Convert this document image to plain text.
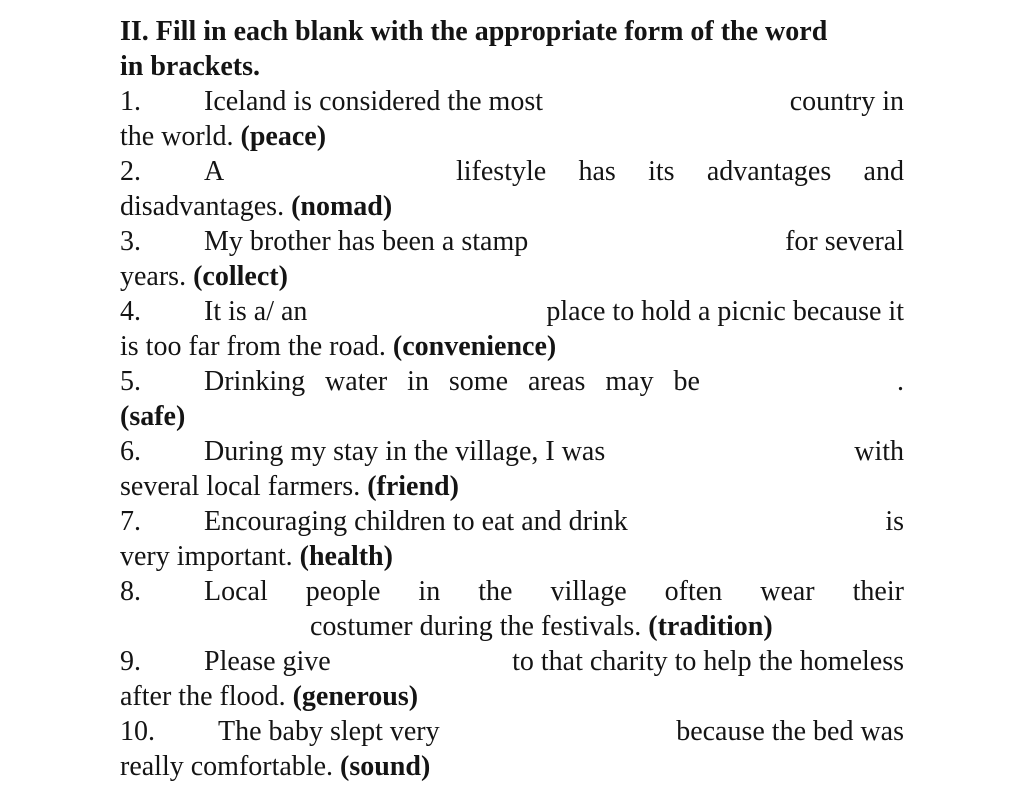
II. Fill in each blank with the appropriate form of the word
in brackets.
1. Iceland is considered the most	country in
the world. (peace)
2. A	lifestyle has its advantages and
disadvantages. (nomad)
3. My brother has been a stamp	for several
years. (collect)
4. It is a/ an	place to hold a picnic because it
is too far from the road. (convenience)
5. Drinking water in some areas may be	.
(safe)
6. During my stay in the village, I was	with
several local farmers. (friend)
7. Encouraging children to eat and drink	is
very important. (health)
8. Local people in the village often wear their
costumer during the festivals. (tradition)
9. Please give	to that charity to help the homeless
after the flood. (generous)
10. The baby slept very	because the bed was
really comfortable. (sound)
